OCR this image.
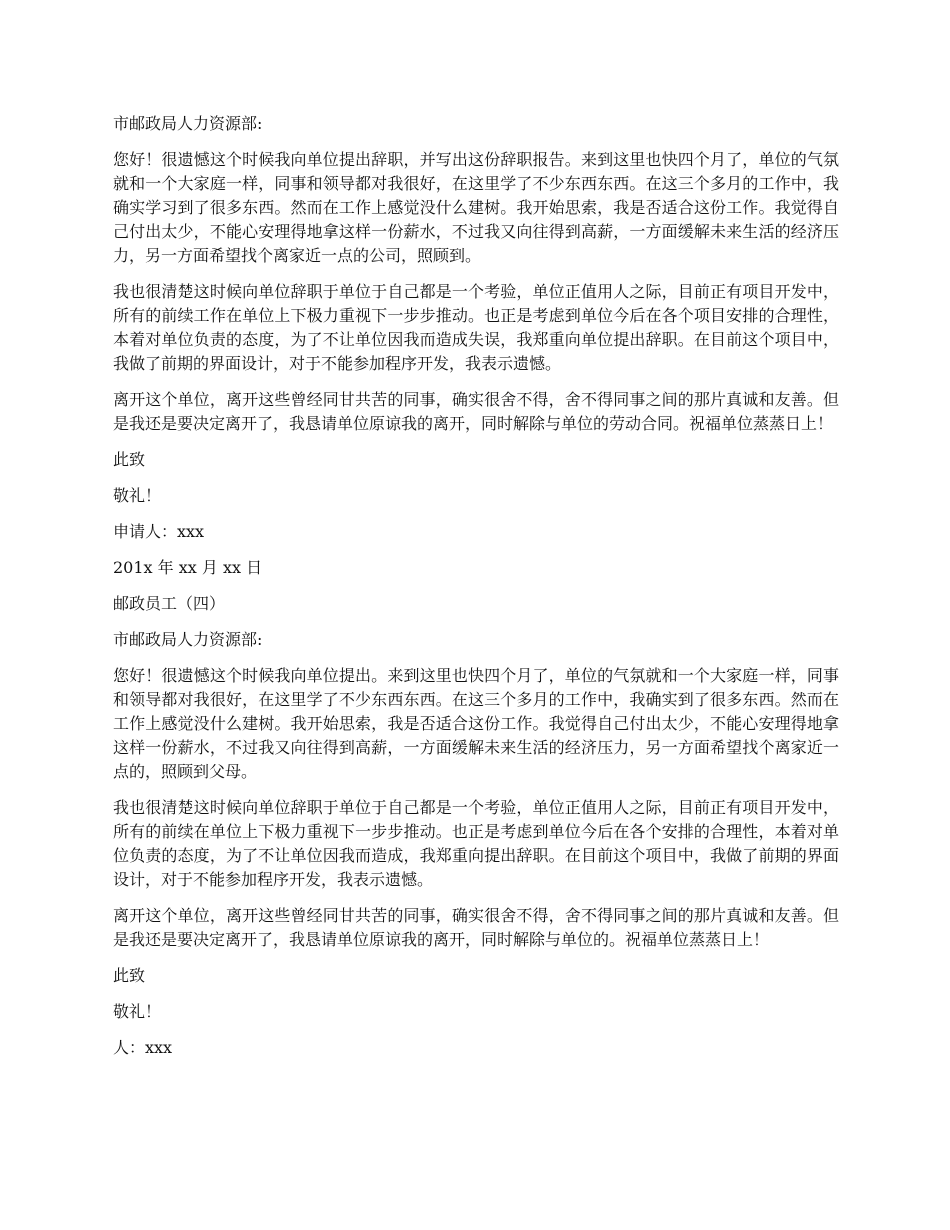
市邮政局人力资源部:

您好！很遗憾这个时候我向单位提出辞职，并写出这份辞职报告。来到这里也快四个月了，单位的气氛就和一个大家庭一样，同事和领导都对我很好，在这里学了不少东西东西。在这三个多月的工作中，我确实学习到了很多东西。然而在工作上感觉没什么建树。我开始思索，我是否适合这份工作。我觉得自己付出太少，不能心安理得地拿这样一份薪水，不过我又向往得到高薪，一方面缓解未来生活的经济压力，另一方面希望找个离家近一点的公司，照顾到。

我也很清楚这时候向单位辞职于单位于自己都是一个考验，单位正值用人之际，目前正有项目开发中，所有的前续工作在单位上下极力重视下一步步推动。也正是考虑到单位今后在各个项目安排的合理性，本着对单位负责的态度，为了不让单位因我而造成失误，我郑重向单位提出辞职。在目前这个项目中，我做了前期的界面设计，对于不能参加程序开发，我表示遗憾。

离开这个单位，离开这些曾经同甘共苦的同事，确实很舍不得，舍不得同事之间的那片真诚和友善。但是我还是要决定离开了，我恳请单位原谅我的离开，同时解除与单位的劳动合同。祝福单位蒸蒸日上！

此致

敬礼！

申请人：xxx

201x 年 xx 月 xx 日

邮政员工（四）

市邮政局人力资源部:

您好！很遗憾这个时候我向单位提出。来到这里也快四个月了，单位的气氛就和一个大家庭一样，同事和领导都对我很好，在这里学了不少东西东西。在这三个多月的工作中，我确实到了很多东西。然而在工作上感觉没什么建树。我开始思索，我是否适合这份工作。我觉得自己付出太少，不能心安理得地拿这样一份薪水，不过我又向往得到高薪，一方面缓解未来生活的经济压力，另一方面希望找个离家近一点的，照顾到父母。

我也很清楚这时候向单位辞职于单位于自己都是一个考验，单位正值用人之际，目前正有项目开发中，所有的前续在单位上下极力重视下一步步推动。也正是考虑到单位今后在各个安排的合理性，本着对单位负责的态度，为了不让单位因我而造成，我郑重向提出辞职。在目前这个项目中，我做了前期的界面设计，对于不能参加程序开发，我表示遗憾。

离开这个单位，离开这些曾经同甘共苦的同事，确实很舍不得，舍不得同事之间的那片真诚和友善。但是我还是要决定离开了，我恳请单位原谅我的离开，同时解除与单位的。祝福单位蒸蒸日上！

此致

敬礼！

人：xxx
